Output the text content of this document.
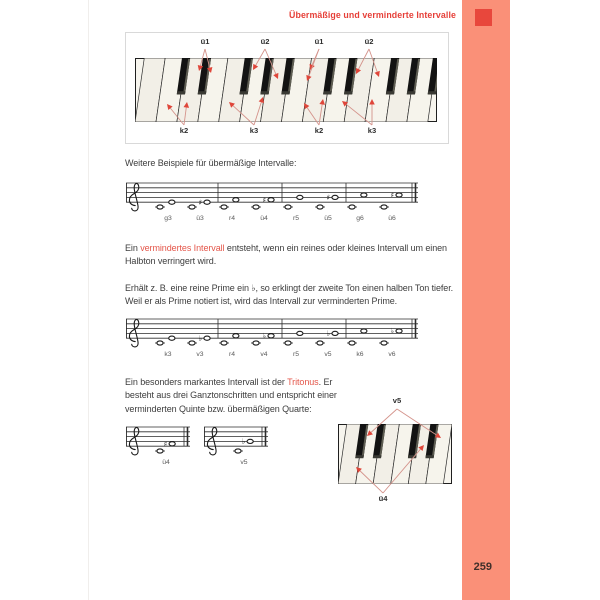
259
Übermäßige und verminderte Intervalle
ü1	ü2	ü1	ü2
k2	k3	k2	k3

Weitere Beispiele für übermäßige Intervalle:

g3
♯
ü3	r4
♯
ü4	r5
♯
ü5	g6
♯
ü6

Ein vermindertes Intervall entsteht, wenn ein reines oder kleines Intervall um einen Halbton verringert wird.

Erhält z. B. eine reine Prime ein ♭, so erklingt der zweite Ton einen halben Ton tiefer. Weil er als Prime notiert ist, wird das Intervall zur verminderten Prime.

k3
♭
v3	r4
♭
v4	r5
♭
v5	k6
♭
v6

Ein besonders markantes Intervall ist der Tritonus. Er besteht aus drei Ganztonschritten und entspricht einer verminderten Quinte bzw. übermäßigen Quarte:

♯
ü4
♭
v5
v5
ü4
